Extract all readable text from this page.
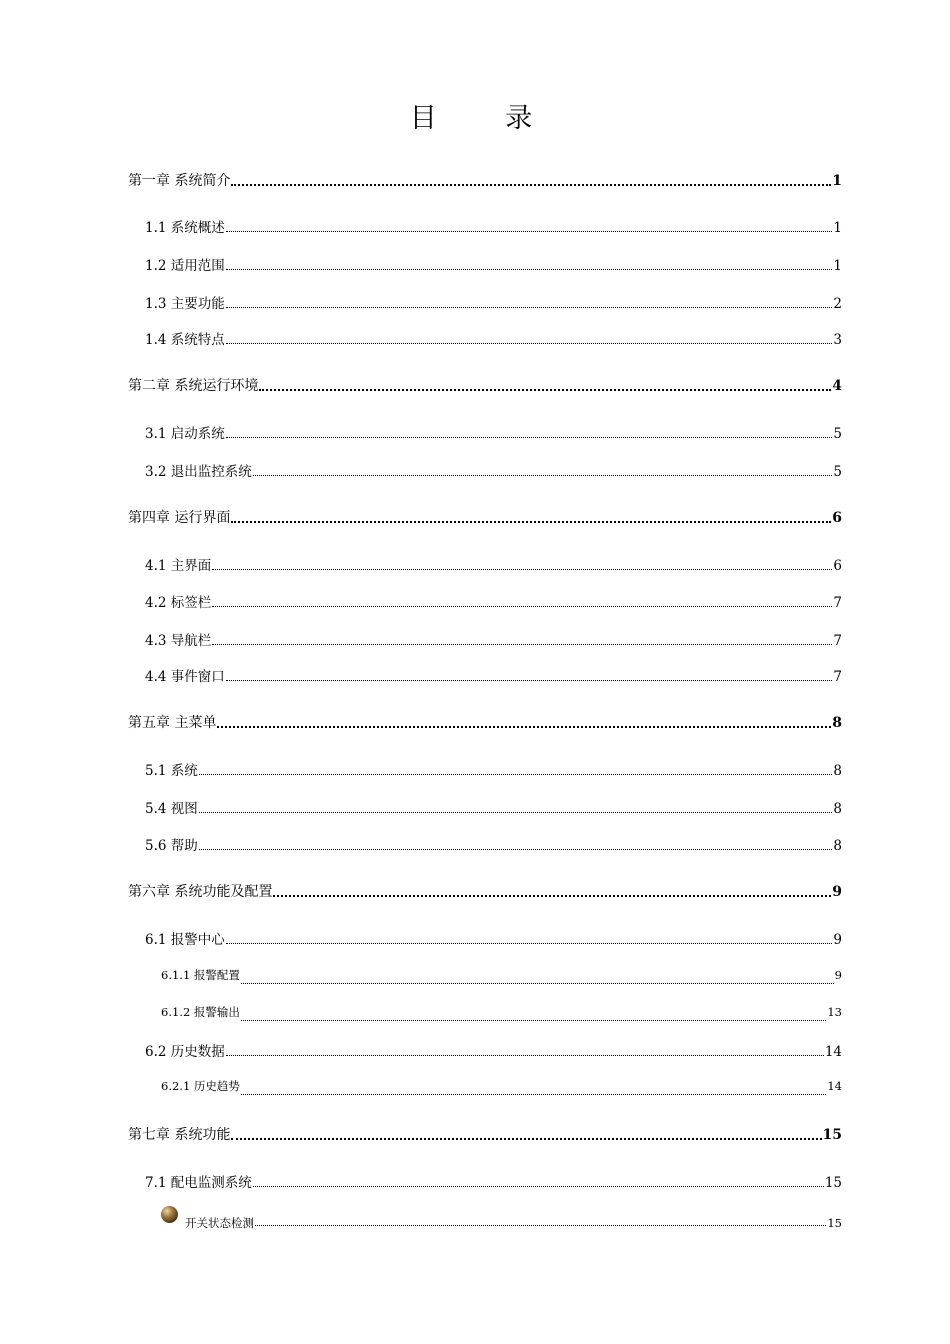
目 录
第一章 系统简介	1
1.1 系统概述	1
1.2 适用范围	1
1.3 主要功能	2
1.4 系统特点	3
第二章 系统运行环境	4
3.1 启动系统	5
3.2 退出监控系统	5
第四章 运行界面	6
4.1 主界面	6
4.2 标签栏	7
4.3 导航栏	7
4.4 事件窗口	7
第五章 主菜单	8
5.1 系统	8
5.4 视图	8
5.6 帮助	8
第六章 系统功能及配置	9
6.1 报警中心	9
6.1.1 报警配置	9
6.1.2 报警输出	13
6.2 历史数据	14
6.2.1 历史趋势	14
第七章 系统功能	15
7.1 配电监测系统	15
开关状态检测	15
